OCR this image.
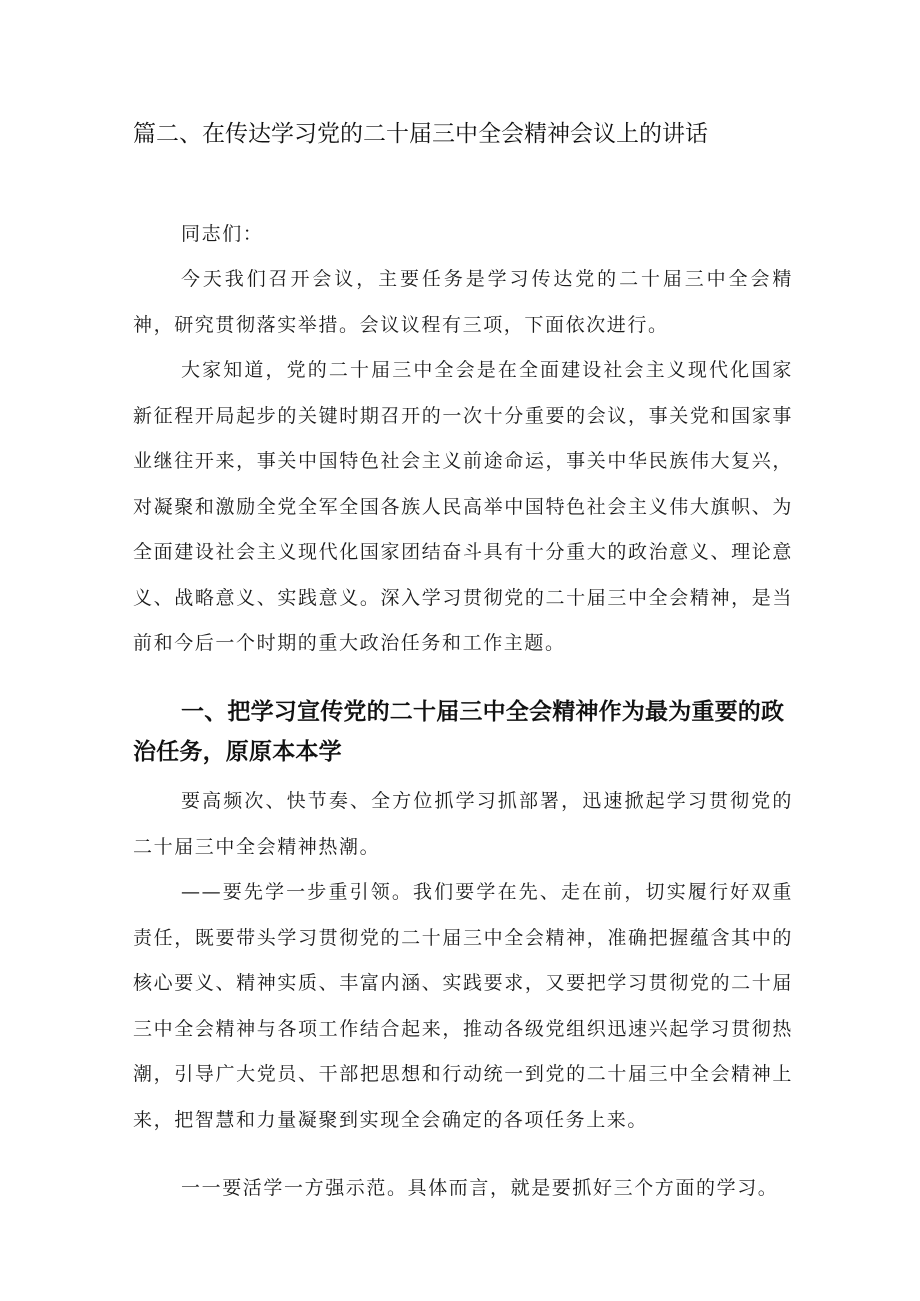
篇二、在传达学习党的二十届三中全会精神会议上的讲话

同志们：

今天我们召开会议，主要任务是学习传达党的二十届三中全会精神，研究贯彻落实举措。会议议程有三项，下面依次进行。

大家知道，党的二十届三中全会是在全面建设社会主义现代化国家新征程开局起步的关键时期召开的一次十分重要的会议，事关党和国家事业继往开来，事关中国特色社会主义前途命运，事关中华民族伟大复兴，对凝聚和激励全党全军全国各族人民高举中国特色社会主义伟大旗帜、为全面建设社会主义现代化国家团结奋斗具有十分重大的政治意义、理论意义、战略意义、实践意义。深入学习贯彻党的二十届三中全会精神，是当前和今后一个时期的重大政治任务和工作主题。

一、把学习宣传党的二十届三中全会精神作为最为重要的政治任务，原原本本学

要高频次、快节奏、全方位抓学习抓部署，迅速掀起学习贯彻党的二十届三中全会精神热潮。

——要先学一步重引领。我们要学在先、走在前，切实履行好双重责任，既要带头学习贯彻党的二十届三中全会精神，准确把握蕴含其中的核心要义、精神实质、丰富内涵、实践要求，又要把学习贯彻党的二十届三中全会精神与各项工作结合起来，推动各级党组织迅速兴起学习贯彻热潮，引导广大党员、干部把思想和行动统一到党的二十届三中全会精神上来，把智慧和力量凝聚到实现全会确定的各项任务上来。

一一要活学一方强示范。具体而言，就是要抓好三个方面的学习。
